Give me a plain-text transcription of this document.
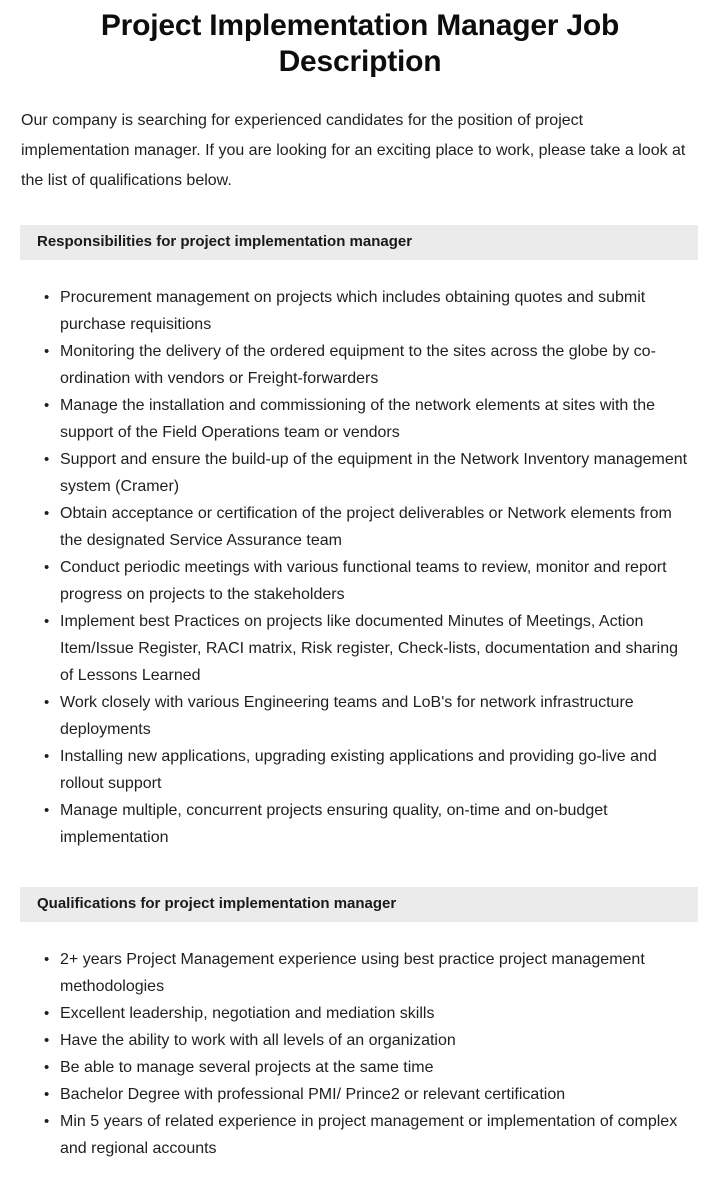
Project Implementation Manager Job Description

Our company is searching for experienced candidates for the position of project implementation manager. If you are looking for an exciting place to work, please take a look at the list of qualifications below.

Responsibilities for project implementation manager
• Procurement management on projects which includes obtaining quotes and submit purchase requisitions
• Monitoring the delivery of the ordered equipment to the sites across the globe by co-ordination with vendors or Freight-forwarders
• Manage the installation and commissioning of the network elements at sites with the support of the Field Operations team or vendors
• Support and ensure the build-up of the equipment in the Network Inventory management system (Cramer)
• Obtain acceptance or certification of the project deliverables or Network elements from the designated Service Assurance team
• Conduct periodic meetings with various functional teams to review, monitor and report progress on projects to the stakeholders
• Implement best Practices on projects like documented Minutes of Meetings, Action Item/Issue Register, RACI matrix, Risk register, Check-lists, documentation and sharing of Lessons Learned
• Work closely with various Engineering teams and LoB's for network infrastructure deployments
• Installing new applications, upgrading existing applications and providing go-live and rollout support
• Manage multiple, concurrent projects ensuring quality, on-time and on-budget implementation
Qualifications for project implementation manager
• 2+ years Project Management experience using best practice project management methodologies
• Excellent leadership, negotiation and mediation skills
• Have the ability to work with all levels of an organization
• Be able to manage several projects at the same time
• Bachelor Degree with professional PMI/ Prince2 or relevant certification
• Min 5 years of related experience in project management or implementation of complex and regional accounts
